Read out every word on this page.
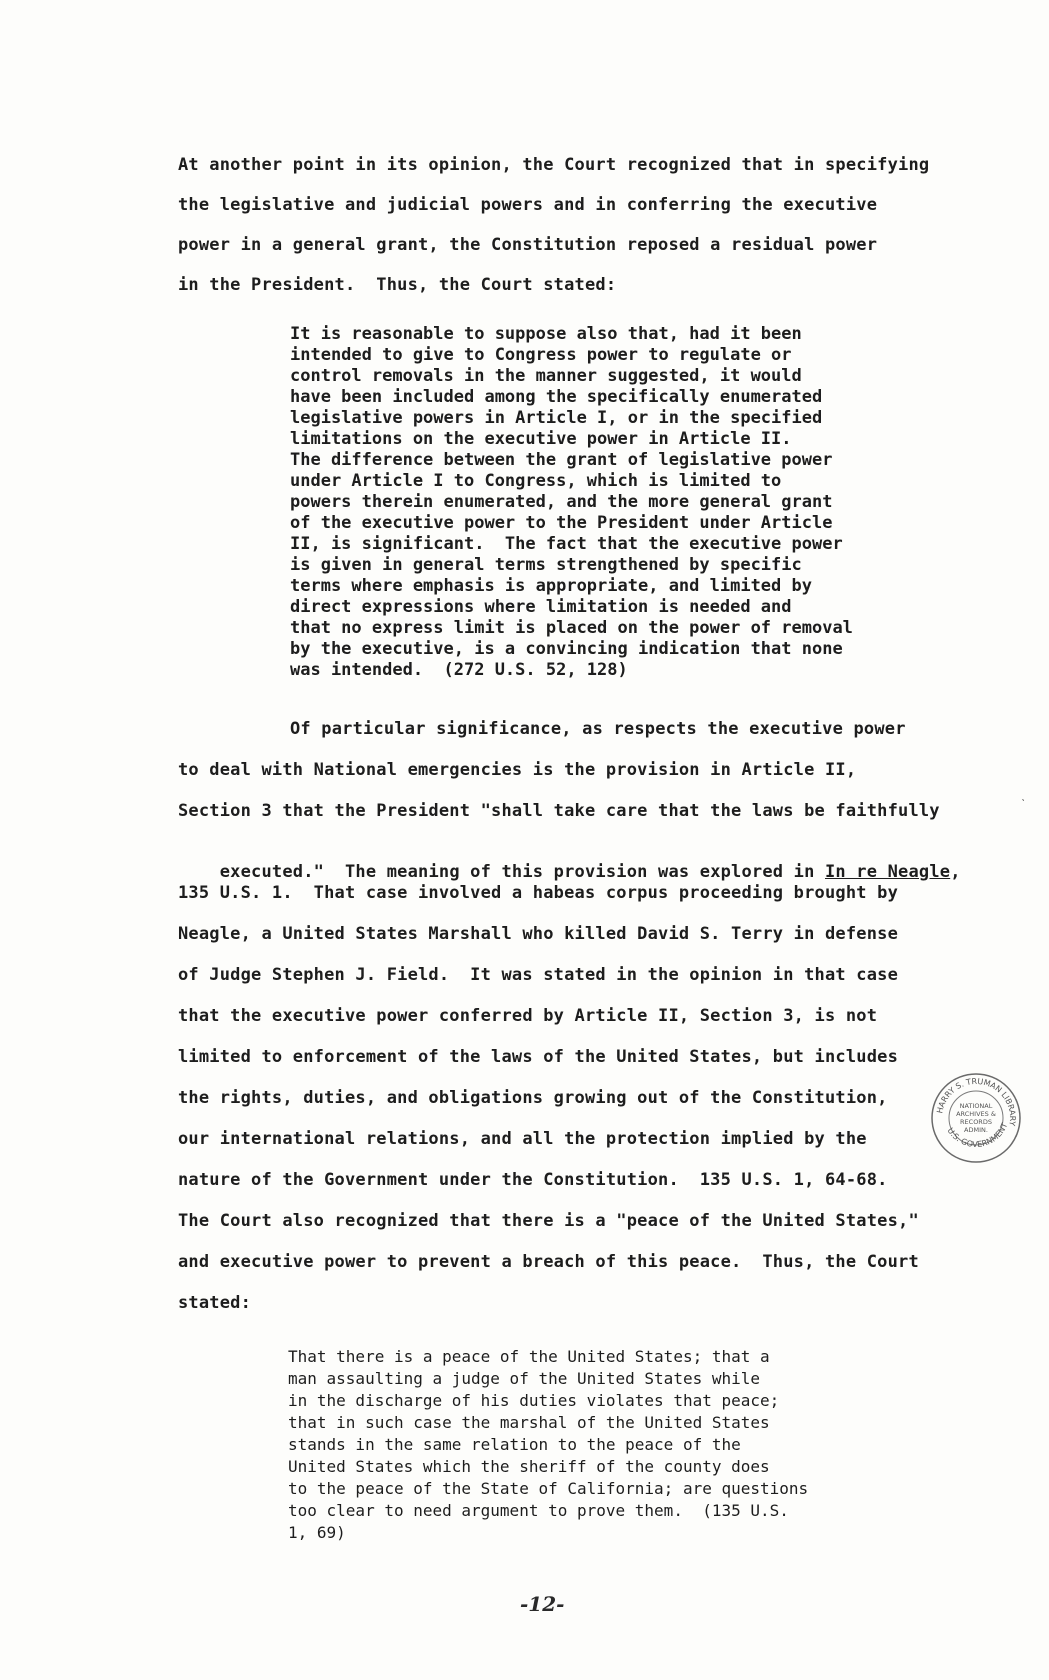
At another point in its opinion, the Court recognized that in specifying
the legislative and judicial powers and in conferring the executive
power in a general grant, the Constitution reposed a residual power
in the President.  Thus, the Court stated:
It is reasonable to suppose also that, had it been
intended to give to Congress power to regulate or
control removals in the manner suggested, it would
have been included among the specifically enumerated
legislative powers in Article I, or in the specified
limitations on the executive power in Article II.
The difference between the grant of legislative power
under Article I to Congress, which is limited to
powers therein enumerated, and the more general grant
of the executive power to the President under Article
II, is significant.  The fact that the executive power
is given in general terms strengthened by specific
terms where emphasis is appropriate, and limited by
direct expressions where limitation is needed and
that no express limit is placed on the power of removal
by the executive, is a convincing indication that none
was intended.  (272 U.S. 52, 128)
Of particular significance, as respects the executive power
to deal with National emergencies is the provision in Article II,
Section 3 that the President "shall take care that the laws be faithfully

executed."  The meaning of this provision was explored in In re Neagle,

135 U.S. 1.  That case involved a habeas corpus proceeding brought by
Neagle, a United States Marshall who killed David S. Terry in defense
of Judge Stephen J. Field.  It was stated in the opinion in that case
that the executive power conferred by Article II, Section 3, is not
limited to enforcement of the laws of the United States, but includes
the rights, duties, and obligations growing out of the Constitution,
our international relations, and all the protection implied by the
nature of the Government under the Constitution.  135 U.S. 1, 64-68.
The Court also recognized that there is a "peace of the United States,"
and executive power to prevent a breach of this peace.  Thus, the Court
stated:
That there is a peace of the United States; that a
man assaulting a judge of the United States while
in the discharge of his duties violates that peace;
that in such case the marshal of the United States
stands in the same relation to the peace of the
United States which the sheriff of the county does
to the peace of the State of California; are questions
too clear to need argument to prove them.  (135 U.S.
1, 69)
-12-
ˋ
HARRY S. TRUMAN LIBRARY
U.S. GOVERNMENT
NATIONAL
ARCHIVES &
RECORDS
ADMIN.
